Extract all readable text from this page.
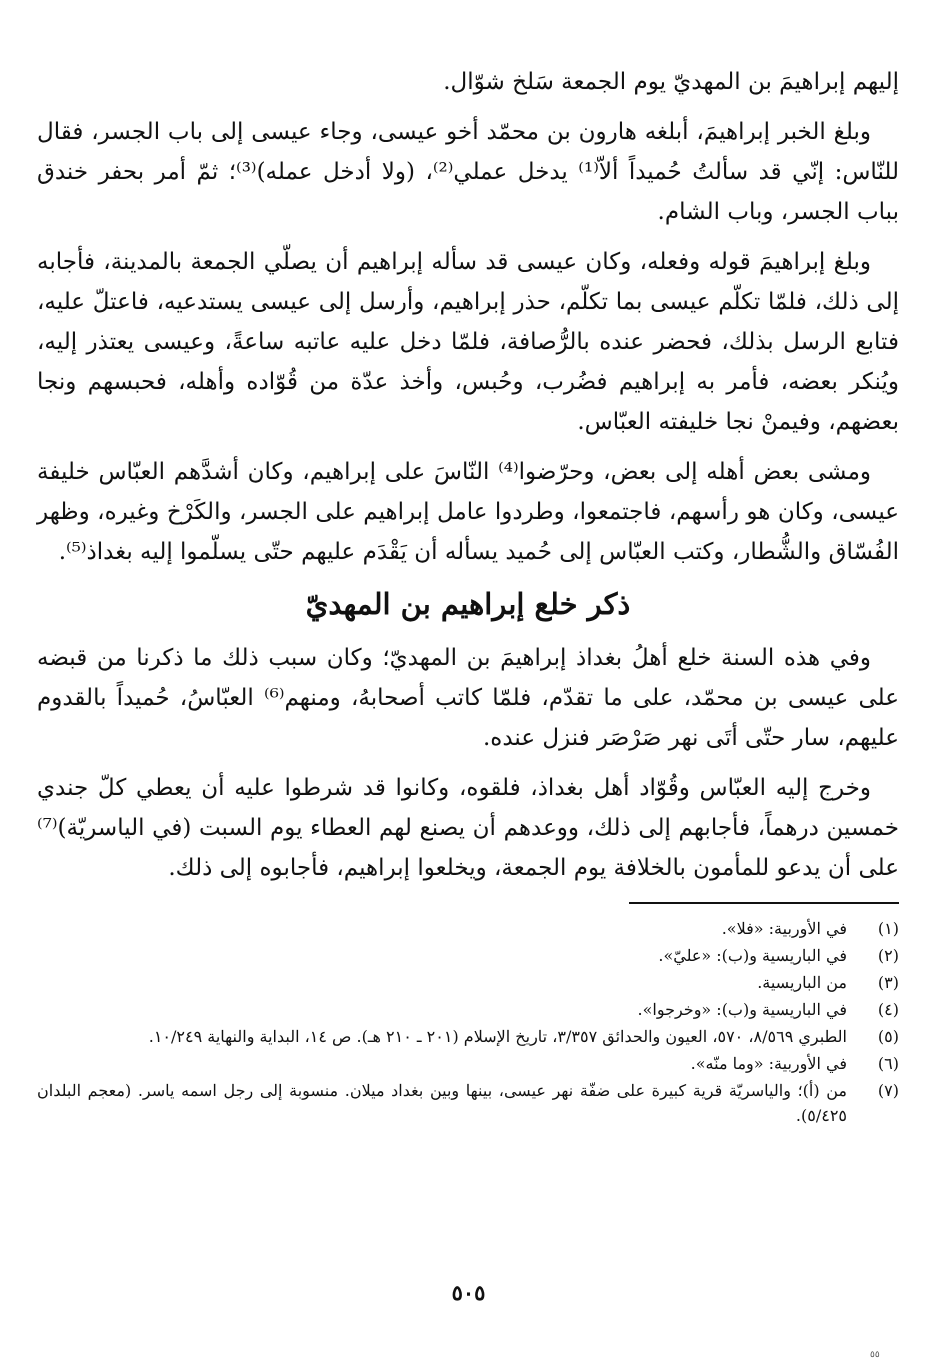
إليهم إبراهيمَ بن المهديّ يوم الجمعة سَلخ شوّال.

وبلغ الخبر إبراهيمَ، أبلغه هارون بن محمّد أخو عيسى، وجاء عيسى إلى باب الجسر، فقال للنّاس: إنّي قد سألتُ حُميداً ألاّ⁽¹⁾ يدخل عملي⁽²⁾، (ولا أدخل عمله)⁽³⁾؛ ثمّ أمر بحفر خندق بباب الجسر، وباب الشام.

وبلغ إبراهيمَ قوله وفعله، وكان عيسى قد سأله إبراهيم أن يصلّي الجمعة بالمدينة، فأجابه إلى ذلك، فلمّا تكلّم عيسى بما تكلّم، حذر إبراهيم، وأرسل إلى عيسى يستدعيه، فاعتلّ عليه، فتابع الرسل بذلك، فحضر عنده بالرُّصافة، فلمّا دخل عليه عاتبه ساعةً، وعيسى يعتذر إليه، ويُنكر بعضه، فأمر به إبراهيم فضُرب، وحُبس، وأخذ عدّة من قُوّاده وأهله، فحبسهم ونجا بعضهم، وفيمنْ نجا خليفته العبّاس.

ومشى بعض أهله إلى بعض، وحرّضوا⁽⁴⁾ النّاسَ على إبراهيم، وكان أشدَّهم العبّاس خليفة عيسى، وكان هو رأسهم، فاجتمعوا، وطردوا عامل إبراهيم على الجسر، والكَرْخ وغيره، وظهر الفُسّاق والشُّطار، وكتب العبّاس إلى حُميد يسأله أن يَقْدَم عليهم حتّى يسلّموا إليه بغداذ⁽⁵⁾.

ذكر خلع إبراهيم بن المهديّ

وفي هذه السنة خلع أهلُ بغداذ إبراهيمَ بن المهديّ؛ وكان سبب ذلك ما ذكرنا من قبضه على عيسى بن محمّد، على ما تقدّم، فلمّا كاتب أصحابهُ، ومنهم⁽⁶⁾ العبّاسُ، حُميداً بالقدوم عليهم، سار حتّى أتَى نهر صَرْصَر فنزل عنده.

وخرج إليه العبّاس وقُوّاد أهل بغداذ، فلقوه، وكانوا قد شرطوا عليه أن يعطي كلّ جندي خمسين درهماً، فأجابهم إلى ذلك، ووعدهم أن يصنع لهم العطاء يوم السبت (في الياسريّة)⁽⁷⁾ على أن يدعو للمأمون بالخلافة يوم الجمعة، ويخلعوا إبراهيم، فأجابوه إلى ذلك.

(١)
في الأوربية: «فلا».
(٢)
في الباريسية و(ب): «عليّ».
(٣)
من الباريسية.
(٤)
في الباريسية و(ب): «وخرجوا».
(٥)
الطبري ٨/٥٦٩، ٥٧٠، العيون والحدائق ٣/٣٥٧، تاريخ الإسلام (٢٠١ ـ ٢١٠ هـ). ص ١٤، البداية والنهاية ١٠/٢٤٩.
(٦)
في الأوربية: «وما منّه».
(٧)
من (أ)؛ والياسريّة قرية كبيرة على ضفّة نهر عيسى، بينها وبين بغداد ميلان. منسوبة إلى رجل اسمه ياسر. (معجم البلدان ٥/٤٢٥).
٥٠٥
٥٥
